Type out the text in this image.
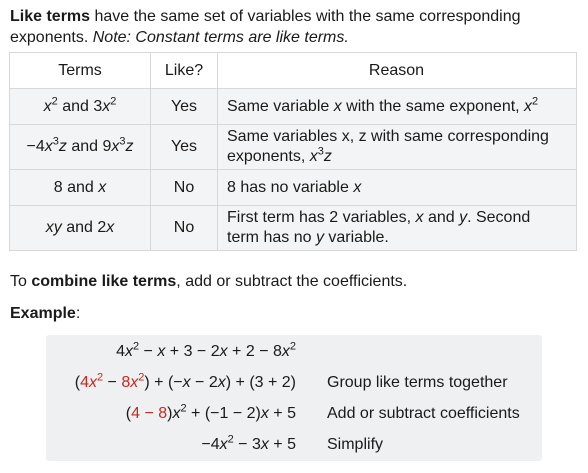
Like terms have the same set of variables with the same corresponding exponents. Note: Constant terms are like terms.
Terms	Like?	Reason
$x^2$ and $3x^2$	Yes	Same variable x with the same exponent, $x^2$
$-4x^3z$ and $9x^3z$	Yes	Same variables x, z with same corresponding
exponents, $x^3z$
8 and x	No	8 has no variable x
xy and 2x	No	First term has 2 variables, x and y. Second
term has no y variable.
To combine like terms, add or subtract the coefficients.
Example:
$4x^2 - x + 3 - 2x + 2 - 8x^2$
$(4x^2 - 8x^2) + (-x - 2x) + (3 + 2)$ Group like terms together
$(4 - 8)x^2 + (-1 - 2)x + 5$ Add or subtract coefficients
$-4x^2 - 3x + 5$ Simplify
